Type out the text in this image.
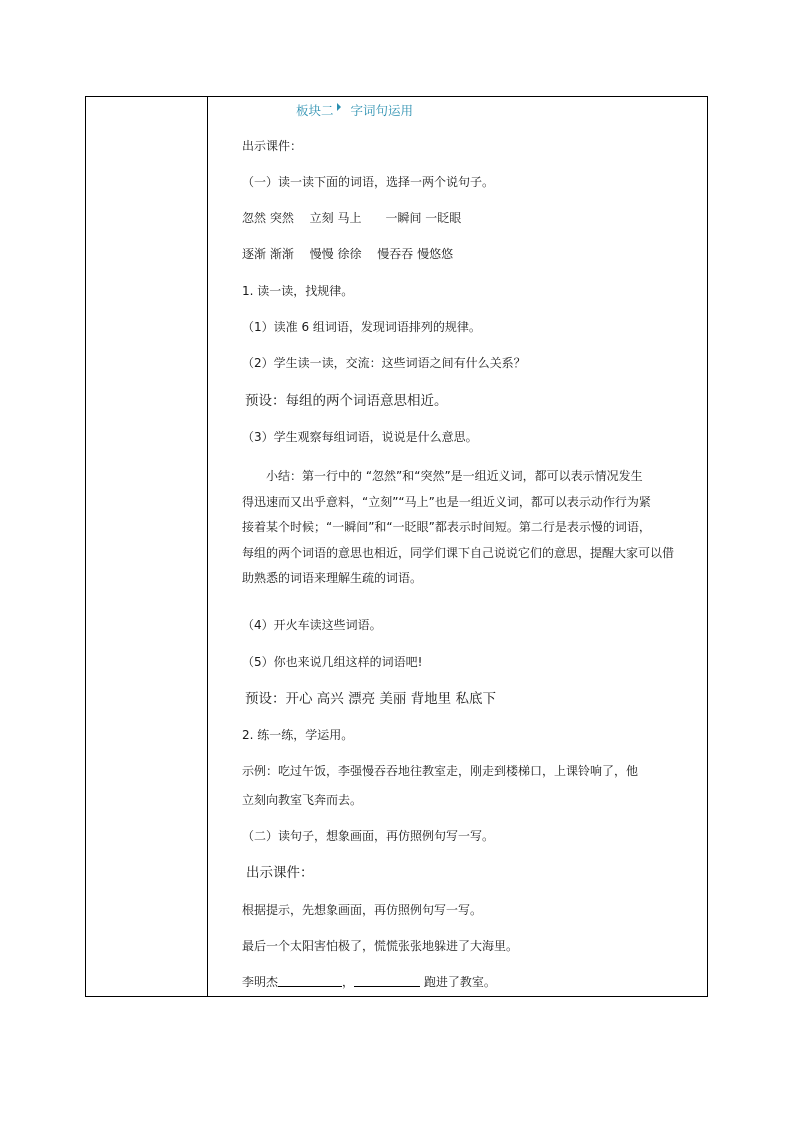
板块二 字词句运用
出示课件：
（一）读一读下面的词语，选择一两个说句子。
忽然 突然　 立刻 马上　　一瞬间 一眨眼
逐渐 渐渐　 慢慢 徐徐　 慢吞吞 慢悠悠
1. 读一读，找规律。
（1）读准 6 组词语，发现词语排列的规律。
（2）学生读一读，交流：这些词语之间有什么关系？
预设：每组的两个词语意思相近。
（3）学生观察每组词语，说说是什么意思。
　　小结：第一行中的 “忽然”和“突然”是一组近义词，都可以表示情况发生
得迅速而又出乎意料，“立刻”“马上”也是一组近义词，都可以表示动作行为紧
接着某个时候；“一瞬间”和“一眨眼”都表示时间短。第二行是表示慢的词语，
每组的两个词语的意思也相近，同学们课下自己说说它们的意思，提醒大家可以借
助熟悉的词语来理解生疏的词语。
（4）开火车读这些词语。
（5）你也来说几组这样的词语吧!
预设：开心 高兴 漂亮 美丽 背地里 私底下
2. 练一练，学运用。
示例：吃过午饭，李强慢吞吞地往教室走，刚走到楼梯口，上课铃响了，他
立刻向教室飞奔而去。
（二）读句子，想象画面，再仿照例句写一写。
出示课件：
根据提示，先想象画面，再仿照例句写一写。
最后一个太阳害怕极了，慌慌张张地躲进了大海里。
李明杰	，	跑进了教室。
